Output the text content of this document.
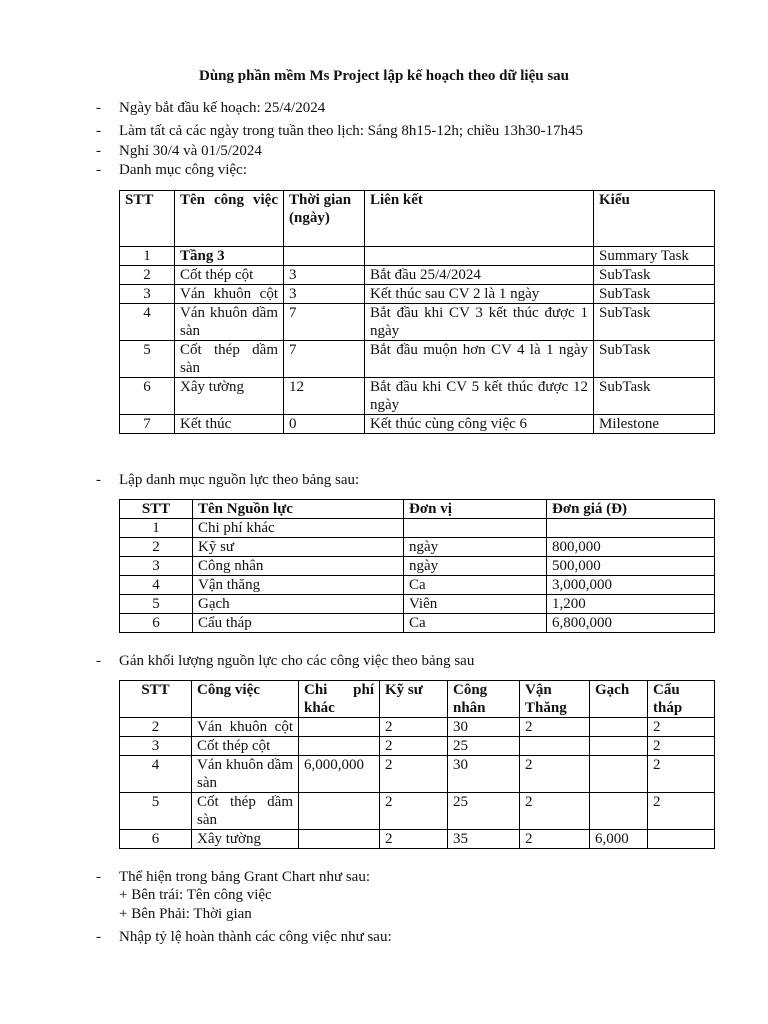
Dùng phần mềm Ms Project lập kế hoạch theo dữ liệu sau
- Ngày bắt đầu kế hoạch: 25/4/2024
- Làm tất cả các ngày trong tuần theo lịch: Sáng 8h15-12h; chiều 13h30-17h45
- Nghỉ 30/4 và 01/5/2024
- Danh mục công việc:
STT	Tên công việc	Thời gian (ngày)	Liên kết	Kiểu
1	Tầng 3			Summary Task
2	Cốt thép cột	3	Bắt đầu 25/4/2024	SubTask
3	Ván khuôn cột	3	Kết thúc sau CV 2 là 1 ngày	SubTask
4	Ván khuôn dầm sàn	7	Bắt đầu khi CV 3 kết thúc được 1 ngày	SubTask
5	Cốt thép dầm sàn	7	Bắt đầu muộn hơn CV 4 là 1 ngày	SubTask
6	Xây tường	12	Bắt đầu khi CV 5 kết thúc được 12 ngày	SubTask
7	Kết thúc	0	Kết thúc cùng công việc 6	Milestone
- Lập danh mục nguồn lực theo bảng sau:
STT	Tên Nguồn lực	Đơn vị	Đơn giá (Đ)
1	Chi phí khác		
2	Kỹ sư	ngày	800,000
3	Công nhân	ngày	500,000
4	Vận thăng	Ca	3,000,000
5	Gạch	Viên	1,200
6	Cẩu tháp	Ca	6,800,000
- Gán khối lượng nguồn lực cho các công việc theo bảng sau
STT	Công việc	Chi phí khác	Kỹ sư	Công nhân	Vận Thăng	Gạch	Cẩu tháp
2	Ván khuôn cột		2	30	2		2
3	Cốt thép cột		2	25			2
4	Ván khuôn dầm sàn	6,000,000	2	30	2		2
5	Cốt thép dầm sàn		2	25	2		2
6	Xây tường		2	35	2	6,000	
- Thể hiện trong bảng Grant Chart như sau:
+ Bên trái: Tên công việc
+ Bên Phải: Thời gian
- Nhập tỷ lệ hoàn thành các công việc như sau:
